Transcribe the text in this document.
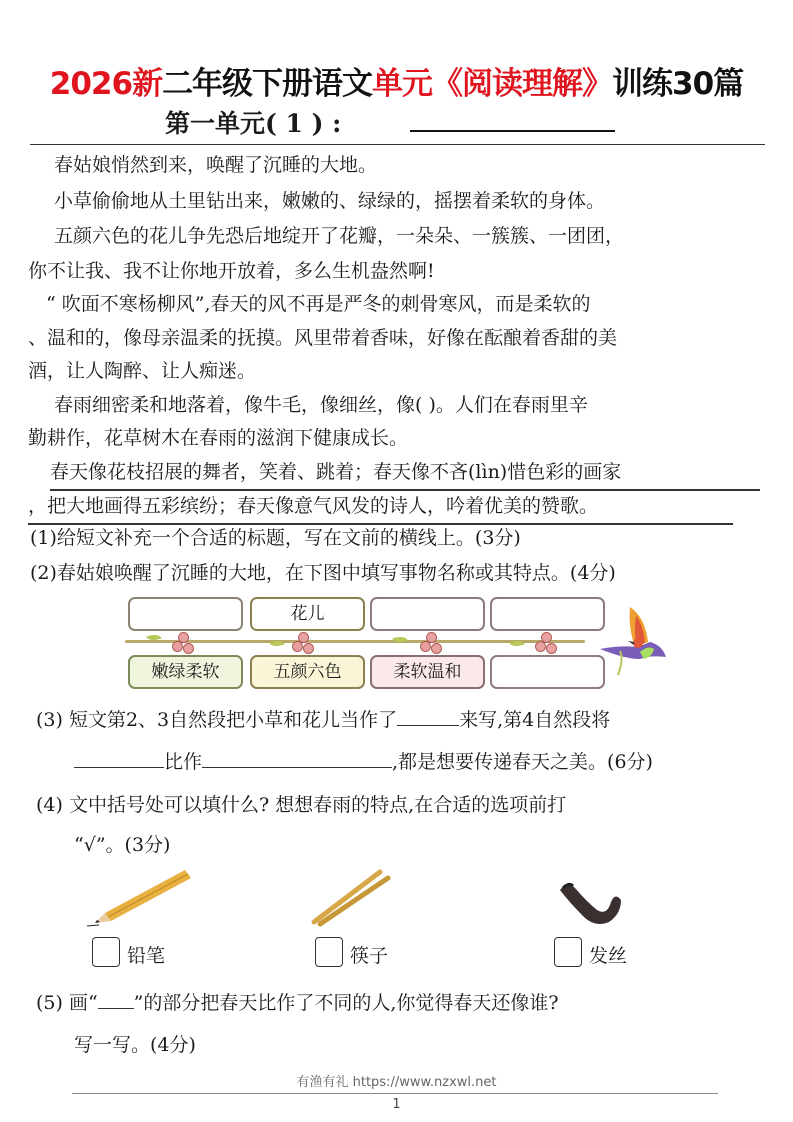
2026新二年级下册语文单元《阅读理解》训练30篇
第一单元( 1 ) :
春姑娘悄然到来，唤醒了沉睡的大地。
小草偷偷地从土里钻出来，嫩嫩的、绿绿的，摇摆着柔软的身体。
五颜六色的花儿争先恐后地绽开了花瓣，一朵朵、一簇簇、一团团，
你不让我、我不让你地开放着，多么生机盎然啊!
“ 吹面不寒杨柳风”,春天的风不再是严冬的刺骨寒风，而是柔软的
、温和的，像母亲温柔的抚摸。风里带着香味，好像在酝酿着香甜的美
酒，让人陶醉、让人痴迷。
春雨细密柔和地落着，像牛毛，像细丝，像( )。人们在春雨里辛
勤耕作，花草树木在春雨的滋润下健康成长。
春天像花枝招展的舞者，笑着、跳着；春天像不吝(lìn)惜色彩的画家
，把大地画得五彩缤纷；春天像意气风发的诗人，吟着优美的赞歌。
(1)给短文补充一个合适的标题，写在文前的横线上。(3分)
(2)春姑娘唤醒了沉睡的大地，在下图中填写事物名称或其特点。(4分)
花儿
嫩绿柔软	五颜六色	柔软温和
(3) 短文第2、3自然段把小草和花儿当作了	来写,第4自然段将
比作	,都是想要传递春天之美。(6分)
(4) 文中括号处可以填什么? 想想春雨的特点,在合适的选项前打
“√”。(3分)
铅笔	筷子	发丝
(5) 画“ ”的部分把春天比作了不同的人,你觉得春天还像谁?
写一写。(4分)
有渔有礼 https://www.nzxwl.net
1
